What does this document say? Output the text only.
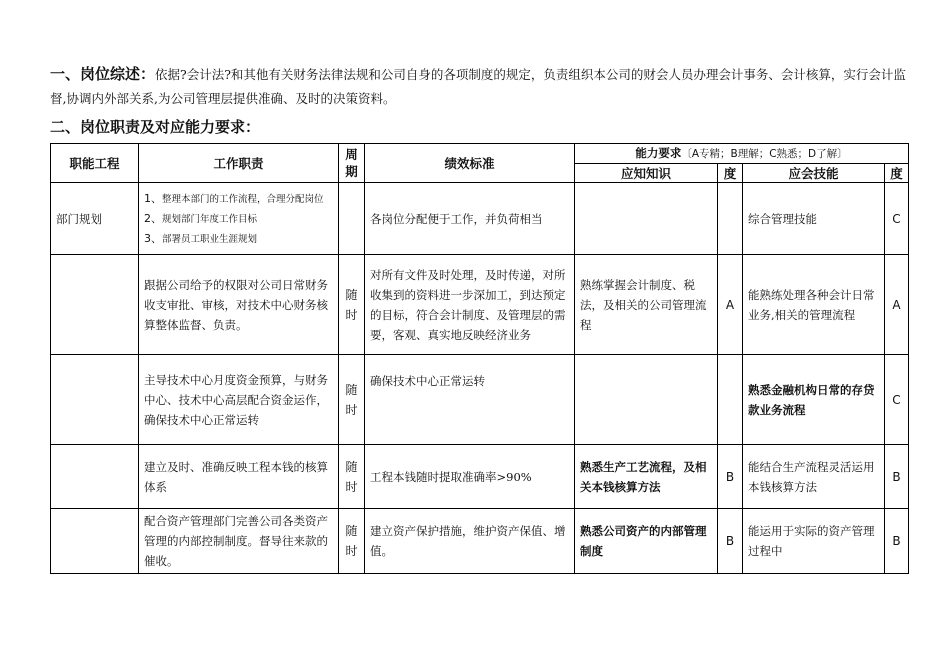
一、岗位综述：依据?会计法?和其他有关财务法律法规和公司自身的各项制度的规定，负责组织本公司的财会人员办理会计事务、会计核算，实行会计监督,协调内外部关系,为公司管理层提供准确、及时的决策资料。
二、岗位职责及对应能力要求：
职能工程	工作职责	周期	绩效标准	能力要求〔A专精；B理解；C熟悉；D了解〕			
				应知知识	度	应会技能	度
部门规划	1、整理本部门的工作流程，合理分配岗位
2、规划部门年度工作目标
3、部署员工职业生涯规划		各岗位分配便于工作，并负荷相当			综合管理技能	C
	跟据公司给予的权限对公司日常财务收支审批、审核，对技术中心财务核算整体监督、负责。	随时	对所有文件及时处理，及时传递，对所收集到的资料进一步深加工，到达预定的目标，符合会计制度、及管理层的需要，客观、真实地反映经济业务	熟练掌握会计制度、税法，及相关的公司管理流程	A	能熟练处理各种会计日常业务,相关的管理流程	A
	主导技术中心月度资金预算，与财务中心、技术中心高层配合资金运作，确保技术中心正常运转	随时	确保技术中心正常运转			熟悉金融机构日常的存贷款业务流程	C
	建立及时、准确反映工程本钱的核算体系	随时	工程本钱随时提取准确率>90%	熟悉生产工艺流程，及相关本钱核算方法	B	能结合生产流程灵活运用本钱核算方法	B
	配合资产管理部门完善公司各类资产管理的内部控制制度。督导往来款的催收。	随时	建立资产保护措施，维护资产保值、增值。	熟悉公司资产的内部管理制度	B	能运用于实际的资产管理过程中	B
